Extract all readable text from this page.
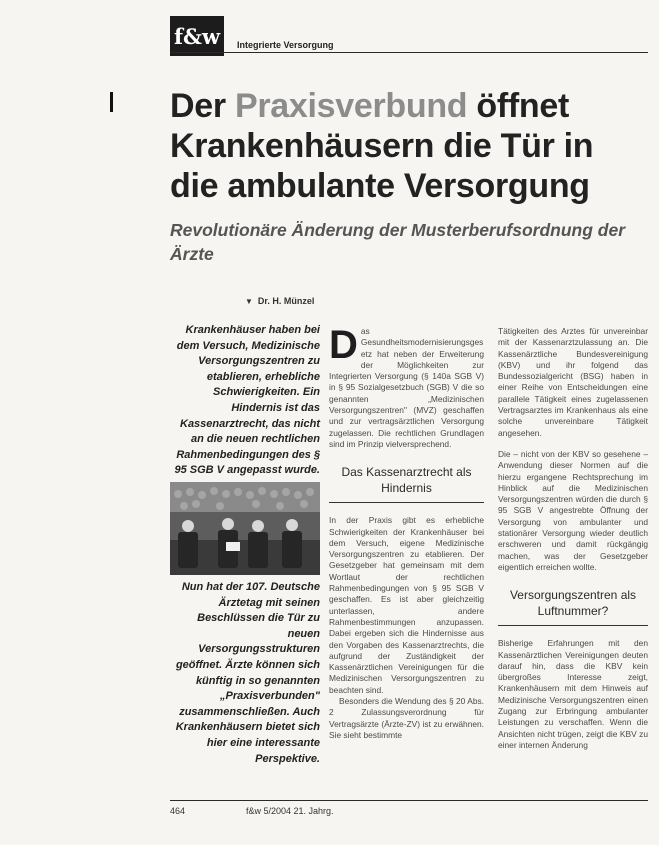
f&w Integrierte Versorgung
Der Praxisverbund öffnet Krankenhäusern die Tür in die ambulante Versorgung
Revolutionäre Änderung der Musterberufsordnung der Ärzte
▼ Dr. H. Münzel

Krankenhäuser haben bei dem Versuch, Medizinische Versorgungszentren zu etablieren, erhebliche Schwierigkeiten. Ein Hindernis ist das Kassenarztrecht, das nicht an die neuen rechtlichen Rahmenbedingungen des § 95 SGB V angepasst wurde.

Nun hat der 107. Deutsche Ärztetag mit seinen Beschlüssen die Tür zu neuen Versorgungsstrukturen geöffnet. Ärzte können sich künftig in so genannten „Praxisverbunden" zusammenschließen. Auch Krankenhäusern bietet sich hier eine interessante Perspektive.

Das Gesundheitsmodernisierungsgesetz hat neben der Erweiterung der Möglichkeiten zur Integrierten Versorgung (§ 140a SGB V) in § 95 Sozialgesetzbuch (SGB) V die so genannten „Medizinischen Versorgungszentren" (MVZ) geschaffen und zur vertragsärztlichen Versorgung zugelassen. Die rechtlichen Grundlagen sind im Prinzip vielversprechend.

Das Kassenarztrecht als Hindernis

In der Praxis gibt es erhebliche Schwierigkeiten der Krankenhäuser bei dem Versuch, eigene Medizinische Versorgungszentren zu etablieren. Der Gesetzgeber hat gemeinsam mit dem Wortlaut der rechtlichen Rahmenbedingungen von § 95 SGB V geschaffen. Es ist aber gleichzeitig unterlassen, andere Rahmenbestimmungen anzupassen. Dabei ergeben sich die Hindernisse aus den Vorgaben des Kassenarztrechts, die aufgrund der Zuständigkeit der Kassenärztlichen Vereinigungen für die Medizinischen Versorgungszentren zu beachten sind.

Besonders die Wendung des § 20 Abs. 2 Zulassungsverordnung für Vertragsärzte (Ärzte-ZV) ist zu erwähnen. Sie sieht bestimmte

Tätigkeiten des Arztes für unvereinbar mit der Kassenarztzulassung an. Die Kassenärztliche Bundesvereinigung (KBV) und ihr folgend das Bundessozialgericht (BSG) haben in einer Reihe von Entscheidungen eine parallele Tätigkeit eines zugelassenen Vertragsarztes im Krankenhaus als eine solche unvereinbare Tätigkeit angesehen.

Die – nicht von der KBV so gesehene – Anwendung dieser Normen auf die hierzu ergangene Rechtsprechung im Hinblick auf die Medizinischen Versorgungszentren würden die durch § 95 SGB V angestrebte Öffnung der Versorgung von ambulanter und stationärer Versorgung wieder deutlich erschweren und damit rückgängig machen, was der Gesetzgeber eigentlich erreichen wollte.

Versorgungszentren als Luftnummer?

Bisherige Erfahrungen mit den Kassenärztlichen Vereinigungen deuten darauf hin, dass die KBV kein übergroßes Interesse zeigt, Krankenhäusern mit dem Hinweis auf Medizinische Versorgungszentren einen Zugang zur Erbringung ambulanter Leistungen zu verschaffen. Wenn die Ansichten nicht trügen, zeigt die KBV zu einer internen Änderung

464	f&w 5/2004 21. Jahrg.
